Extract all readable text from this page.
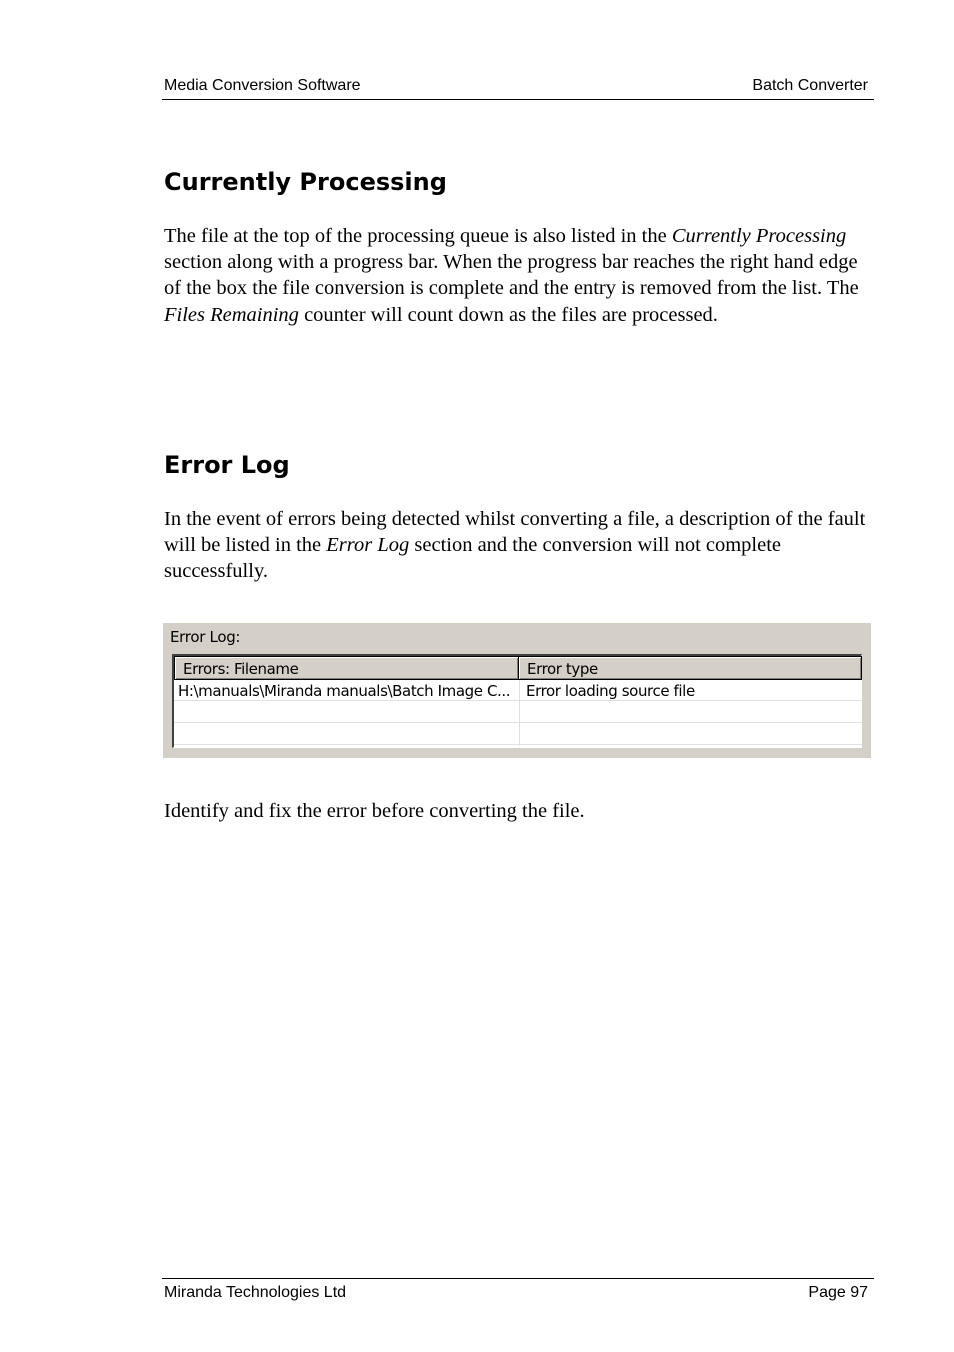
Media Conversion Software	Batch Converter
Currently Processing

The file at the top of the processing queue is also listed in the Currently Processing section along with a progress bar. When the progress bar reaches the right hand edge of the box the file conversion is complete and the entry is removed from the list. The Files Remaining counter will count down as the files are processed.

Error Log

In the event of errors being detected whilst converting a file, a description of the fault will be listed in the Error Log section and the conversion will not complete successfully.

Error Log:
Errors: Filename	Error type
H:\manuals\Miranda manuals\Batch Image C...	Error loading source file

Identify and fix the error before converting the file.

Miranda Technologies Ltd	Page 97
